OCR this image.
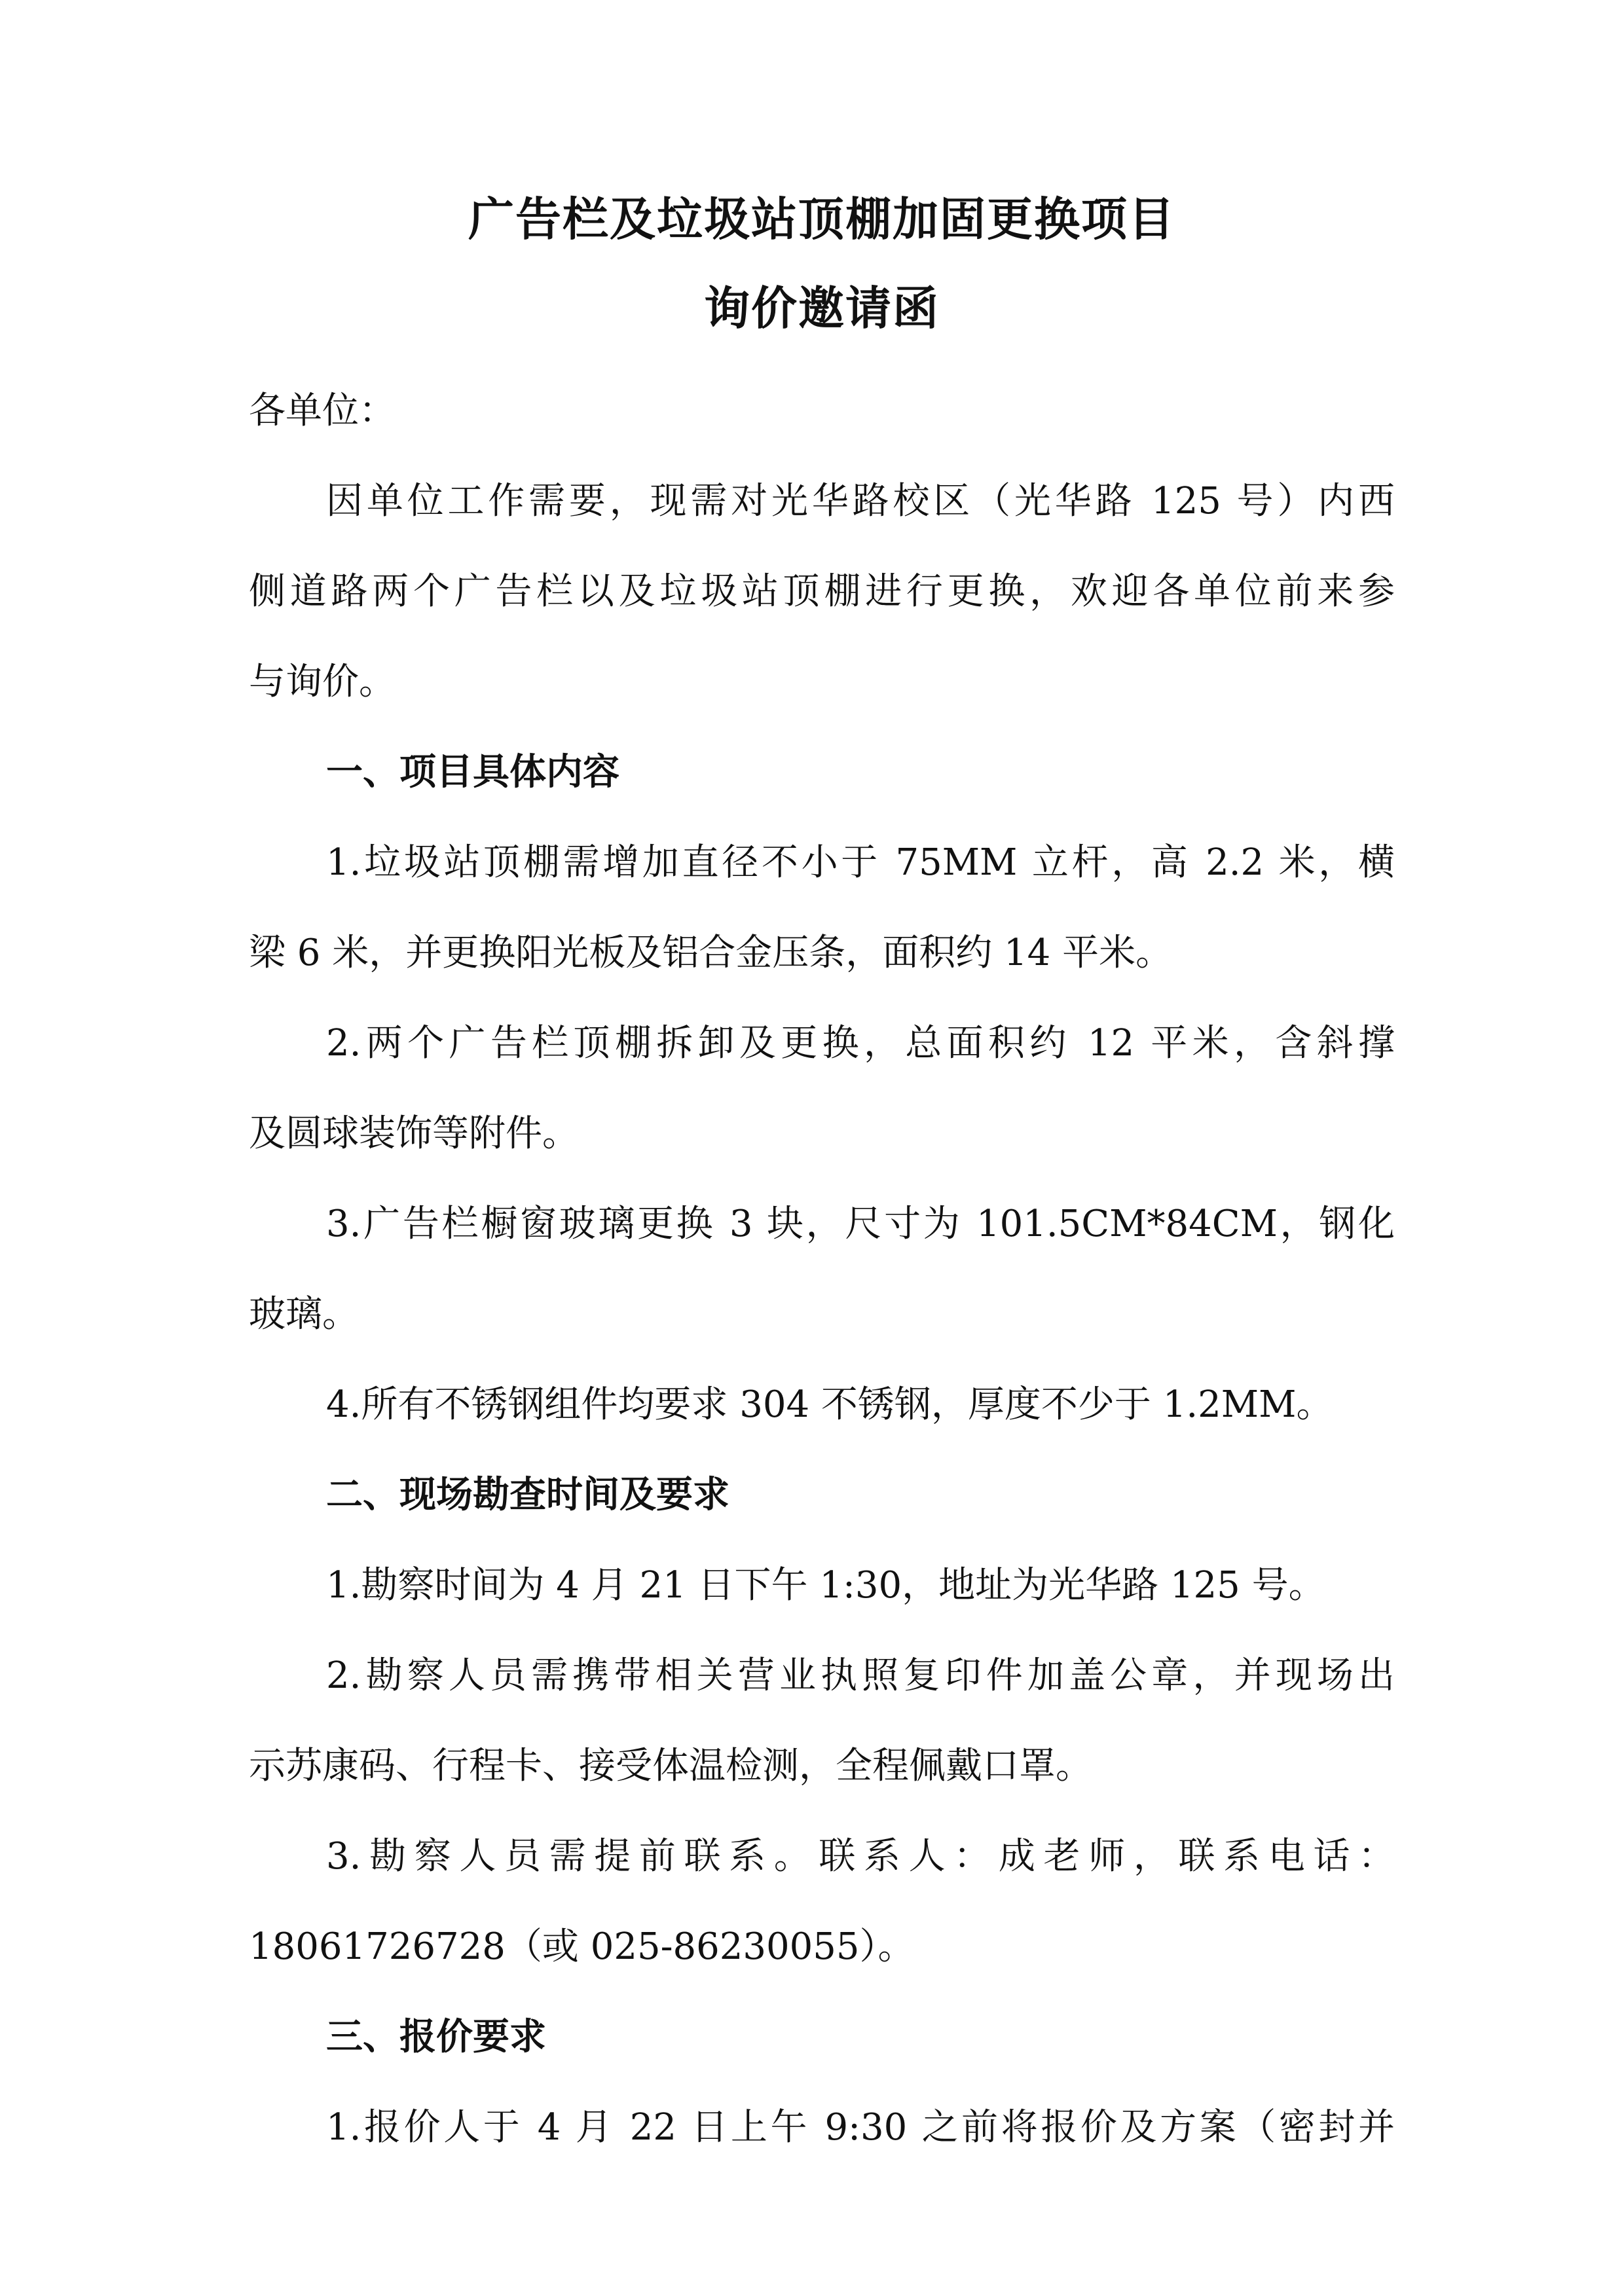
广告栏及垃圾站顶棚加固更换项目
询价邀请函
各单位：
因单位工作需要，现需对光华路校区（光华路 125 号）内西
侧道路两个广告栏以及垃圾站顶棚进行更换，欢迎各单位前来参
与询价。
一、项目具体内容
1.垃圾站顶棚需增加直径不小于 75MM 立杆，高 2.2 米，横
梁 6 米，并更换阳光板及铝合金压条，面积约 14 平米。
2.两个广告栏顶棚拆卸及更换，总面积约 12 平米，含斜撑
及圆球装饰等附件。
3.广告栏橱窗玻璃更换 3 块，尺寸为 101.5CM*84CM，钢化
玻璃。
4.所有不锈钢组件均要求 304 不锈钢，厚度不少于 1.2MM。
二、现场勘查时间及要求
1.勘察时间为 4 月 21 日下午 1:30，地址为光华路 125 号。
2.勘察人员需携带相关营业执照复印件加盖公章，并现场出
示苏康码、行程卡、接受体温检测，全程佩戴口罩。
3.勘察人员需提前联系。联系人：成老师，联系电话：
18061726728（或 025-86230055）。
三、报价要求
1.报价人于 4 月 22 日上午 9:30 之前将报价及方案（密封并
